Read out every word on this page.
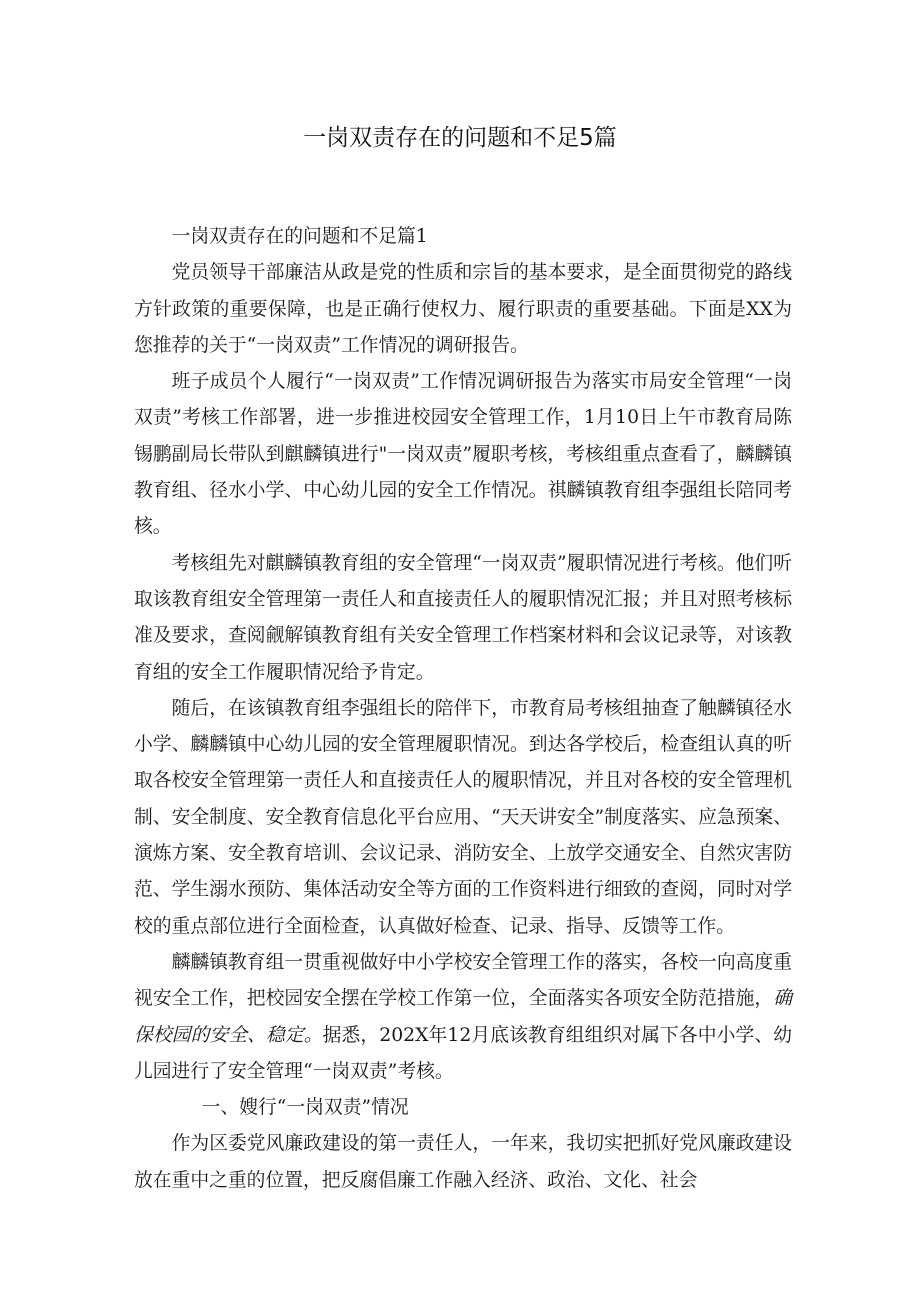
一岗双责存在的问题和不足5篇

一岗双责存在的问题和不足篇1

党员领导干部廉洁从政是党的性质和宗旨的基本要求，是全面贯彻党的路线方针政策的重要保障，也是正确行使权力、履行职责的重要基础。下面是XX为您推荐的关于“一岗双责”工作情况的调研报告。

班子成员个人履行“一岗双责”工作情况调研报告为落实市局安全管理“一岗双责”考核工作部署，进一步推进校园安全管理工作，1月10日上午市教育局陈锡鹏副局长带队到麒麟镇进行"一岗双责”履职考核，考核组重点查看了，麟麟镇教育组、径水小学、中心幼儿园的安全工作情况。祺麟镇教育组李强组长陪同考核。

考核组先对麒麟镇教育组的安全管理“一岗双责”履职情况进行考核。他们听取该教育组安全管理第一责任人和直接责任人的履职情况汇报；并且对照考核标准及要求，查阅觎解镇教育组有关安全管理工作档案材料和会议记录等，对该教育组的安全工作履职情况给予肯定。

随后，在该镇教育组李强组长的陪伴下，市教育局考核组抽查了触麟镇径水小学、麟麟镇中心幼儿园的安全管理履职情况。到达各学校后，检查组认真的听取各校安全管理第一责任人和直接责任人的履职情况，并且对各校的安全管理机制、安全制度、安全教育信息化平台应用、“天天讲安全”制度落实、应急预案、演炼方案、安全教育培训、会议记录、消防安全、上放学交通安全、自然灾害防范、学生溺水预防、集体活动安全等方面的工作资料进行细致的查阅，同时对学校的重点部位进行全面检查，认真做好检查、记录、指导、反馈等工作。

麟麟镇教育组一贯重视做好中小学校安全管理工作的落实，各校一向高度重视安全工作，把校园安全摆在学校工作第一位，全面落实各项安全防范措施，确保校园的安全、稳定。据悉，202X年12月底该教育组组织对属下各中小学、幼儿园进行了安全管理“一岗双责”考核。

一、嫂行“一岗双责”情况

作为区委党风廉政建设的第一责任人，一年来，我切实把抓好党风廉政建设放在重中之重的位置，把反腐倡廉工作融入经济、政治、文化、社会
